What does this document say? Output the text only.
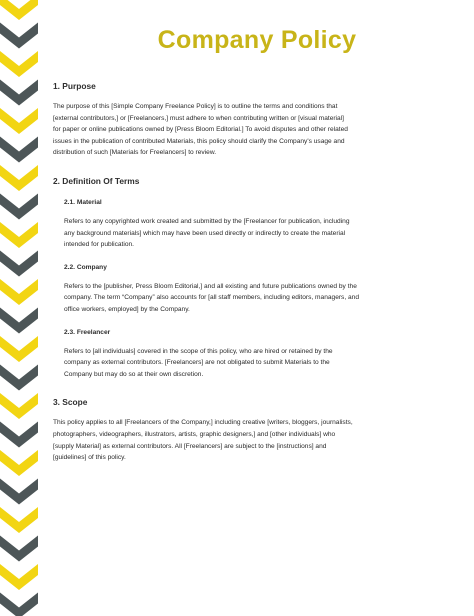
Company Policy

1. Purpose

The purpose of this [Simple Company Freelance Policy] is to outline the terms and conditions that
[external contributors,] or [Freelancers,] must adhere to when contributing written or [visual material]
for paper or online publications owned by [Press Bloom Editorial.] To avoid disputes and other related
issues in the publication of contributed Materials, this policy should clarify the Company's usage and
distribution of such [Materials for Freelancers] to review.

2. Definition Of Terms

2.1. Material

Refers to any copyrighted work created and submitted by the [Freelancer for publication, including
any background materials] which may have been used directly or indirectly to create the material
intended for publication.

2.2. Company

Refers to the [publisher, Press Bloom Editorial,] and all existing and future publications owned by the
company. The term “Company” also accounts for [all staff members, including editors, managers, and
office workers, employed] by the Company.

2.3. Freelancer

Refers to [all individuals] covered in the scope of this policy, who are hired or retained by the
company as external contributors. [Freelancers] are not obligated to submit Materials to the
Company but may do so at their own discretion.

3. Scope

This policy applies to all [Freelancers of the Company,] including creative [writers, bloggers, journalists,
photographers, videographers, illustrators, artists, graphic designers,] and [other individuals] who
[supply Material] as external contributors. All [Freelancers] are subject to the [instructions] and
[guidelines] of this policy.
